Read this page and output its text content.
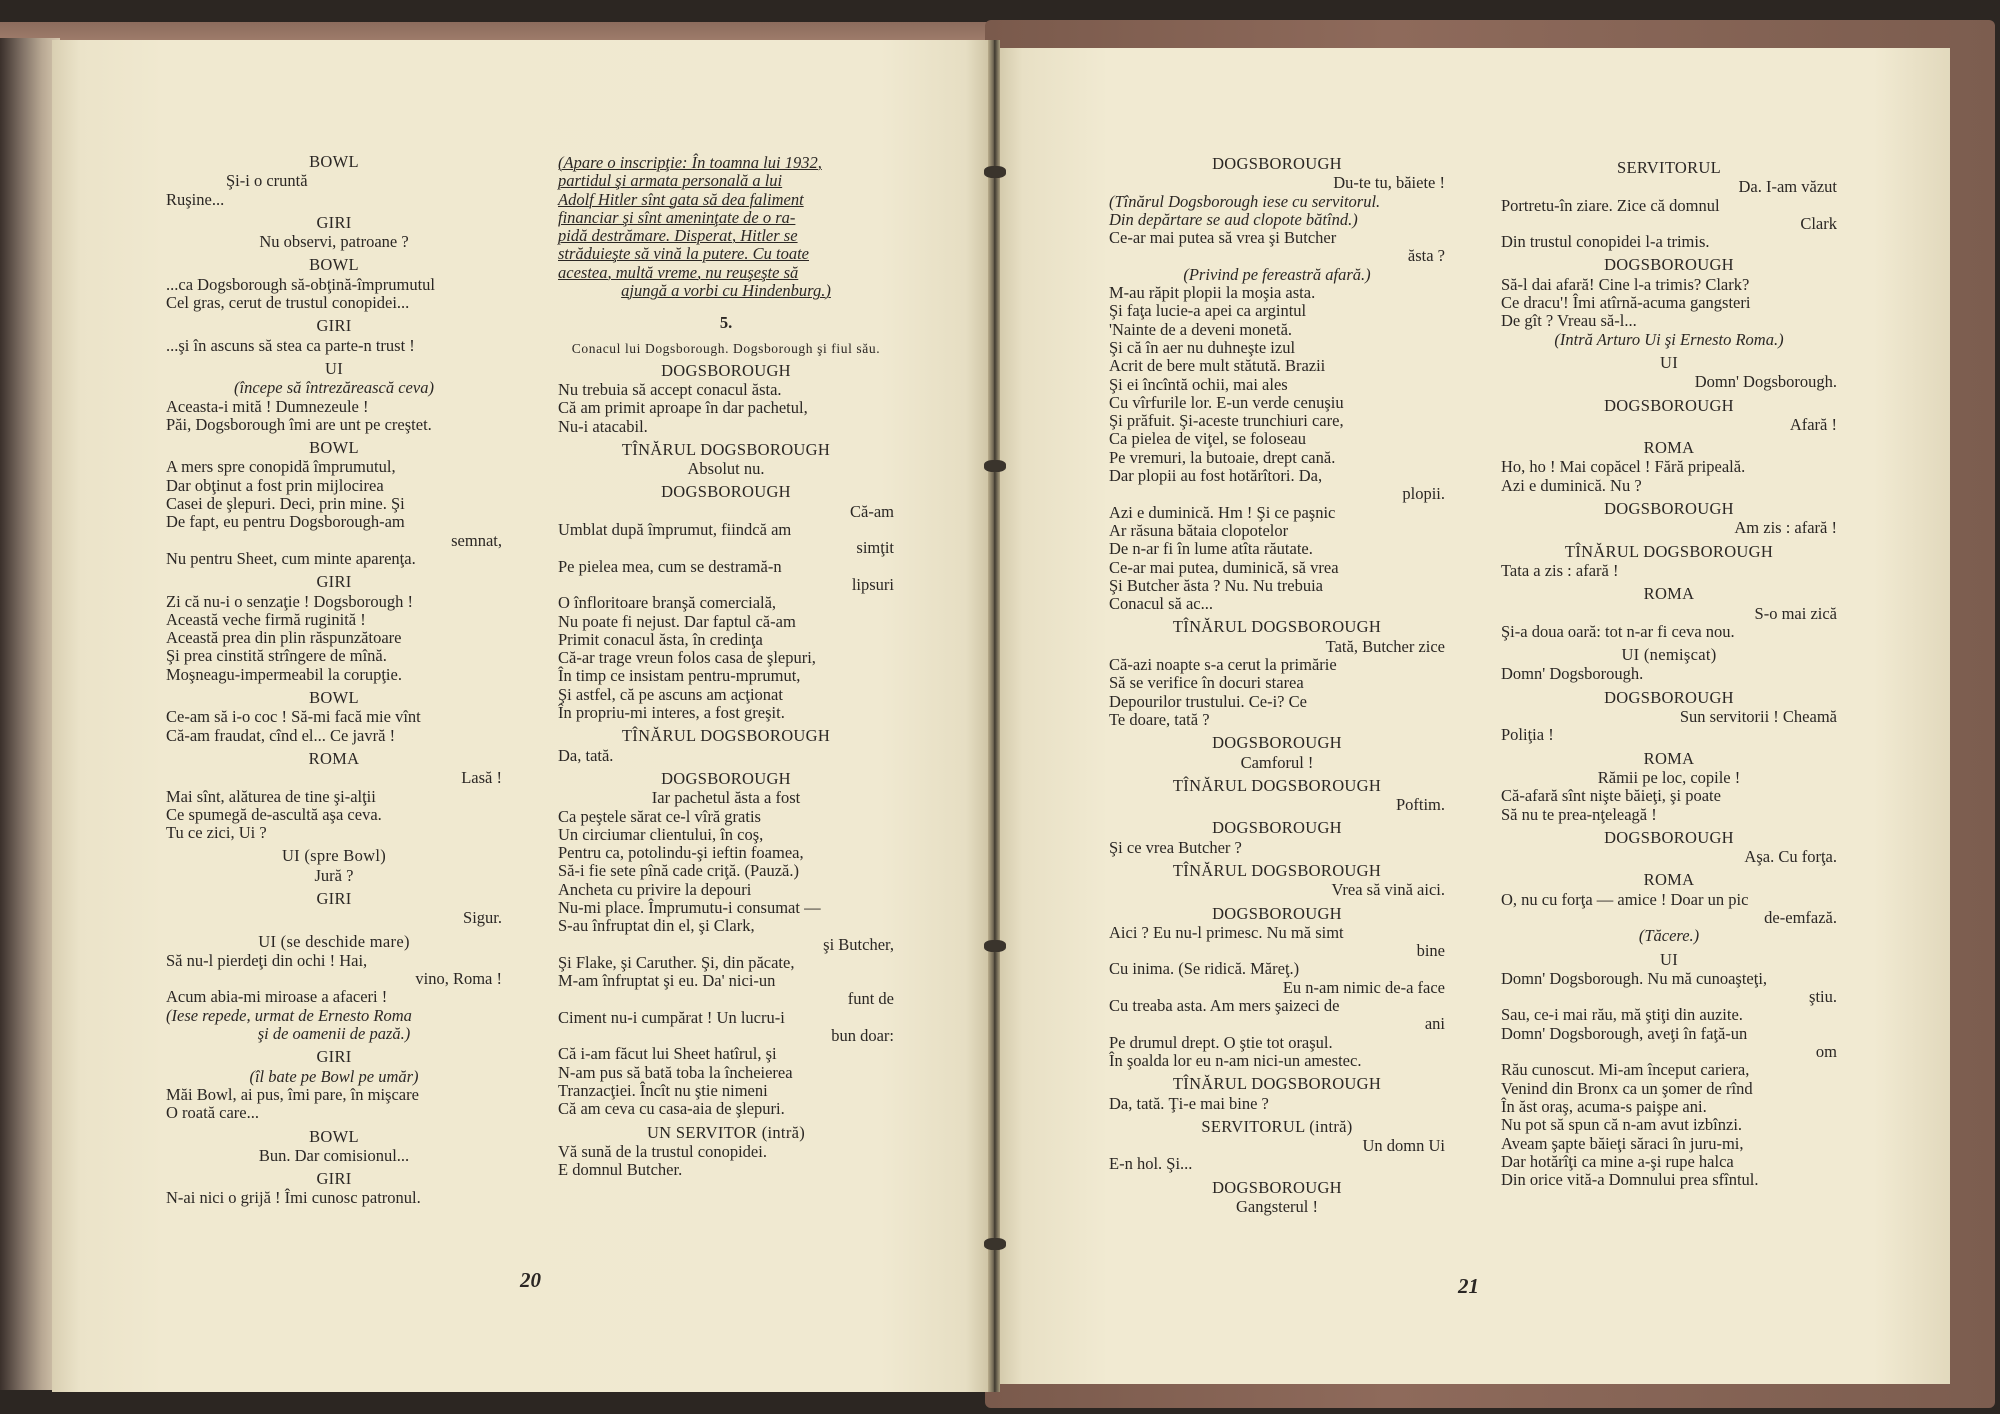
BOWL

Şi-i o cruntă

Ruşine...

GIRI

Nu observi, patroane ?

BOWL

...ca Dogsborough să-obţină-împrumutul

Cel gras, cerut de trustul conopidei...

GIRI

...şi în ascuns să stea ca parte-n trust !

UI

(începe să întrezărească ceva)

Aceasta-i mită ! Dumnezeule !

Păi, Dogsborough îmi are unt pe creştet.

BOWL

A mers spre conopidă împrumutul,

Dar obţinut a fost prin mijlocirea

Casei de şlepuri. Deci, prin mine. Şi

De fapt, eu pentru Dogsborough-am

semnat,

Nu pentru Sheet, cum minte aparenţa.

GIRI

Zi că nu-i o senzaţie ! Dogsborough !

Această veche firmă ruginită !

Această prea din plin răspunzătoare

Şi prea cinstită strîngere de mînă.

Moşneagu-impermeabil la corupţie.

BOWL

Ce-am să i-o coc ! Să-mi facă mie vînt

Că-am fraudat, cînd el... Ce javră !

ROMA

Lasă !

Mai sînt, alăturea de tine şi-alţii

Ce spumegă de-ascultă aşa ceva.

Tu ce zici, Ui ?

UI (spre Bowl)

Jură ?

GIRI

Sigur.

UI (se deschide mare)

Să nu-l pierdeţi din ochi ! Hai,

vino, Roma !

Acum abia-mi miroase a afaceri !

(Iese repede, urmat de Ernesto Roma

şi de oamenii de pază.)

GIRI

(îl bate pe Bowl pe umăr)

Măi Bowl, ai pus, îmi pare, în mişcare

O roată care...

BOWL

Bun. Dar comisionul...

GIRI

N-ai nici o grijă ! Îmi cunosc patronul.

(Apare o inscripţie: În toamna lui 1932,

partidul şi armata personală a lui

Adolf Hitler sînt gata să dea faliment

financiar şi sînt ameninţate de o ra-

pidă destrămare. Disperat, Hitler se

străduieşte să vină la putere. Cu toate

acestea, multă vreme, nu reuşeşte să

ajungă a vorbi cu Hindenburg.)

5.

Conacul lui Dogsborough. Dogsborough şi fiul său.

DOGSBOROUGH

Nu trebuia să accept conacul ăsta.

Că am primit aproape în dar pachetul,

Nu-i atacabil.

TÎNĂRUL DOGSBOROUGH

Absolut nu.

DOGSBOROUGH

Că-am

Umblat după împrumut, fiindcă am

simţit

Pe pielea mea, cum se destramă-n

lipsuri

O înfloritoare branşă comercială,

Nu poate fi nejust. Dar faptul că-am

Primit conacul ăsta, în credinţa

Că-ar trage vreun folos casa de şlepuri,

În timp ce insistam pentru-mprumut,

Şi astfel, că pe ascuns am acţionat

În propriu-mi interes, a fost greşit.

TÎNĂRUL DOGSBOROUGH

Da, tată.

DOGSBOROUGH

Iar pachetul ăsta a fost

Ca peştele sărat ce-l vîră gratis

Un circiumar clientului, în coş,

Pentru ca, potolindu-şi ieftin foamea,

Să-i fie sete pînă cade criţă. (Pauză.)

Ancheta cu privire la depouri

Nu-mi place. Împrumutu-i consumat —

S-au înfruptat din el, şi Clark,

şi Butcher,

Şi Flake, şi Caruther. Şi, din păcate,

M-am înfruptat şi eu. Da' nici-un

funt de

Ciment nu-i cumpărat ! Un lucru-i

bun doar:

Că i-am făcut lui Sheet hatîrul, şi

N-am pus să bată toba la încheierea

Tranzacţiei. Încît nu ştie nimeni

Că am ceva cu casa-aia de şlepuri.

UN SERVITOR (intră)

Vă sună de la trustul conopidei.

E domnul Butcher.

20

DOGSBOROUGH

Du-te tu, băiete !

(Tînărul Dogsborough iese cu servitorul.

Din depărtare se aud clopote bătînd.)

Ce-ar mai putea să vrea şi Butcher

ăsta ?

(Privind pe fereastră afară.)

M-au răpit plopii la moşia asta.

Şi faţa lucie-a apei ca argintul

'Nainte de a deveni monetă.

Şi că în aer nu duhneşte izul

Acrit de bere mult stătută. Brazii

Şi ei încîntă ochii, mai ales

Cu vîrfurile lor. E-un verde cenuşiu

Şi prăfuit. Şi-aceste trunchiuri care,

Ca pielea de viţel, se foloseau

Pe vremuri, la butoaie, drept cană.

Dar plopii au fost hotărîtori. Da,

plopii.

Azi e duminică. Hm ! Şi ce paşnic

Ar răsuna bătaia clopotelor

De n-ar fi în lume atîta răutate.

Ce-ar mai putea, duminică, să vrea

Şi Butcher ăsta ? Nu. Nu trebuia

Conacul să ac...

TÎNĂRUL DOGSBOROUGH

Tată, Butcher zice

Că-azi noapte s-a cerut la primărie

Să se verifice în docuri starea

Depourilor trustului. Ce-i? Ce

Te doare, tată ?

DOGSBOROUGH

Camforul !

TÎNĂRUL DOGSBOROUGH

Poftim.

DOGSBOROUGH

Şi ce vrea Butcher ?

TÎNĂRUL DOGSBOROUGH

Vrea să vină aici.

DOGSBOROUGH

Aici ? Eu nu-l primesc. Nu mă simt

bine

Cu inima. (Se ridică. Măreţ.)

Eu n-am nimic de-a face

Cu treaba asta. Am mers şaizeci de

ani

Pe drumul drept. O ştie tot oraşul.

În şoalda lor eu n-am nici-un amestec.

TÎNĂRUL DOGSBOROUGH

Da, tată. Ţi-e mai bine ?

SERVITORUL (intră)

Un domn Ui

E-n hol. Şi...

DOGSBOROUGH

Gangsterul !

SERVITORUL

Da. I-am văzut

Portretu-în ziare. Zice că domnul

Clark

Din trustul conopidei l-a trimis.

DOGSBOROUGH

Să-l dai afară! Cine l-a trimis? Clark?

Ce dracu'! Îmi atîrnă-acuma gangsteri

De gît ? Vreau să-l...

(Intră Arturo Ui şi Ernesto Roma.)

UI

Domn' Dogsborough.

DOGSBOROUGH

Afară !

ROMA

Ho, ho ! Mai copăcel ! Fără pripeală.

Azi e duminică. Nu ?

DOGSBOROUGH

Am zis : afară !

TÎNĂRUL DOGSBOROUGH

Tata a zis : afară !

ROMA

S-o mai zică

Şi-a doua oară: tot n-ar fi ceva nou.

UI (nemişcat)

Domn' Dogsborough.

DOGSBOROUGH

Sun servitorii ! Cheamă

Poliţia !

ROMA

Rămii pe loc, copile !

Că-afară sînt nişte băieţi, şi poate

Să nu te prea-nţeleagă !

DOGSBOROUGH

Aşa. Cu forţa.

ROMA

O, nu cu forţa — amice ! Doar un pic

de-emfază.

(Tăcere.)

UI

Domn' Dogsborough. Nu mă cunoaşteţi,

ştiu.

Sau, ce-i mai rău, mă ştiţi din auzite.

Domn' Dogsborough, aveţi în faţă-un

om

Rău cunoscut. Mi-am început cariera,

Venind din Bronx ca un şomer de rînd

În ăst oraş, acuma-s paişpe ani.

Nu pot să spun că n-am avut izbînzi.

Aveam şapte băieţi săraci în juru-mi,

Dar hotărîţi ca mine a-şi rupe halca

Din orice vită-a Domnului prea sfîntul.

21
